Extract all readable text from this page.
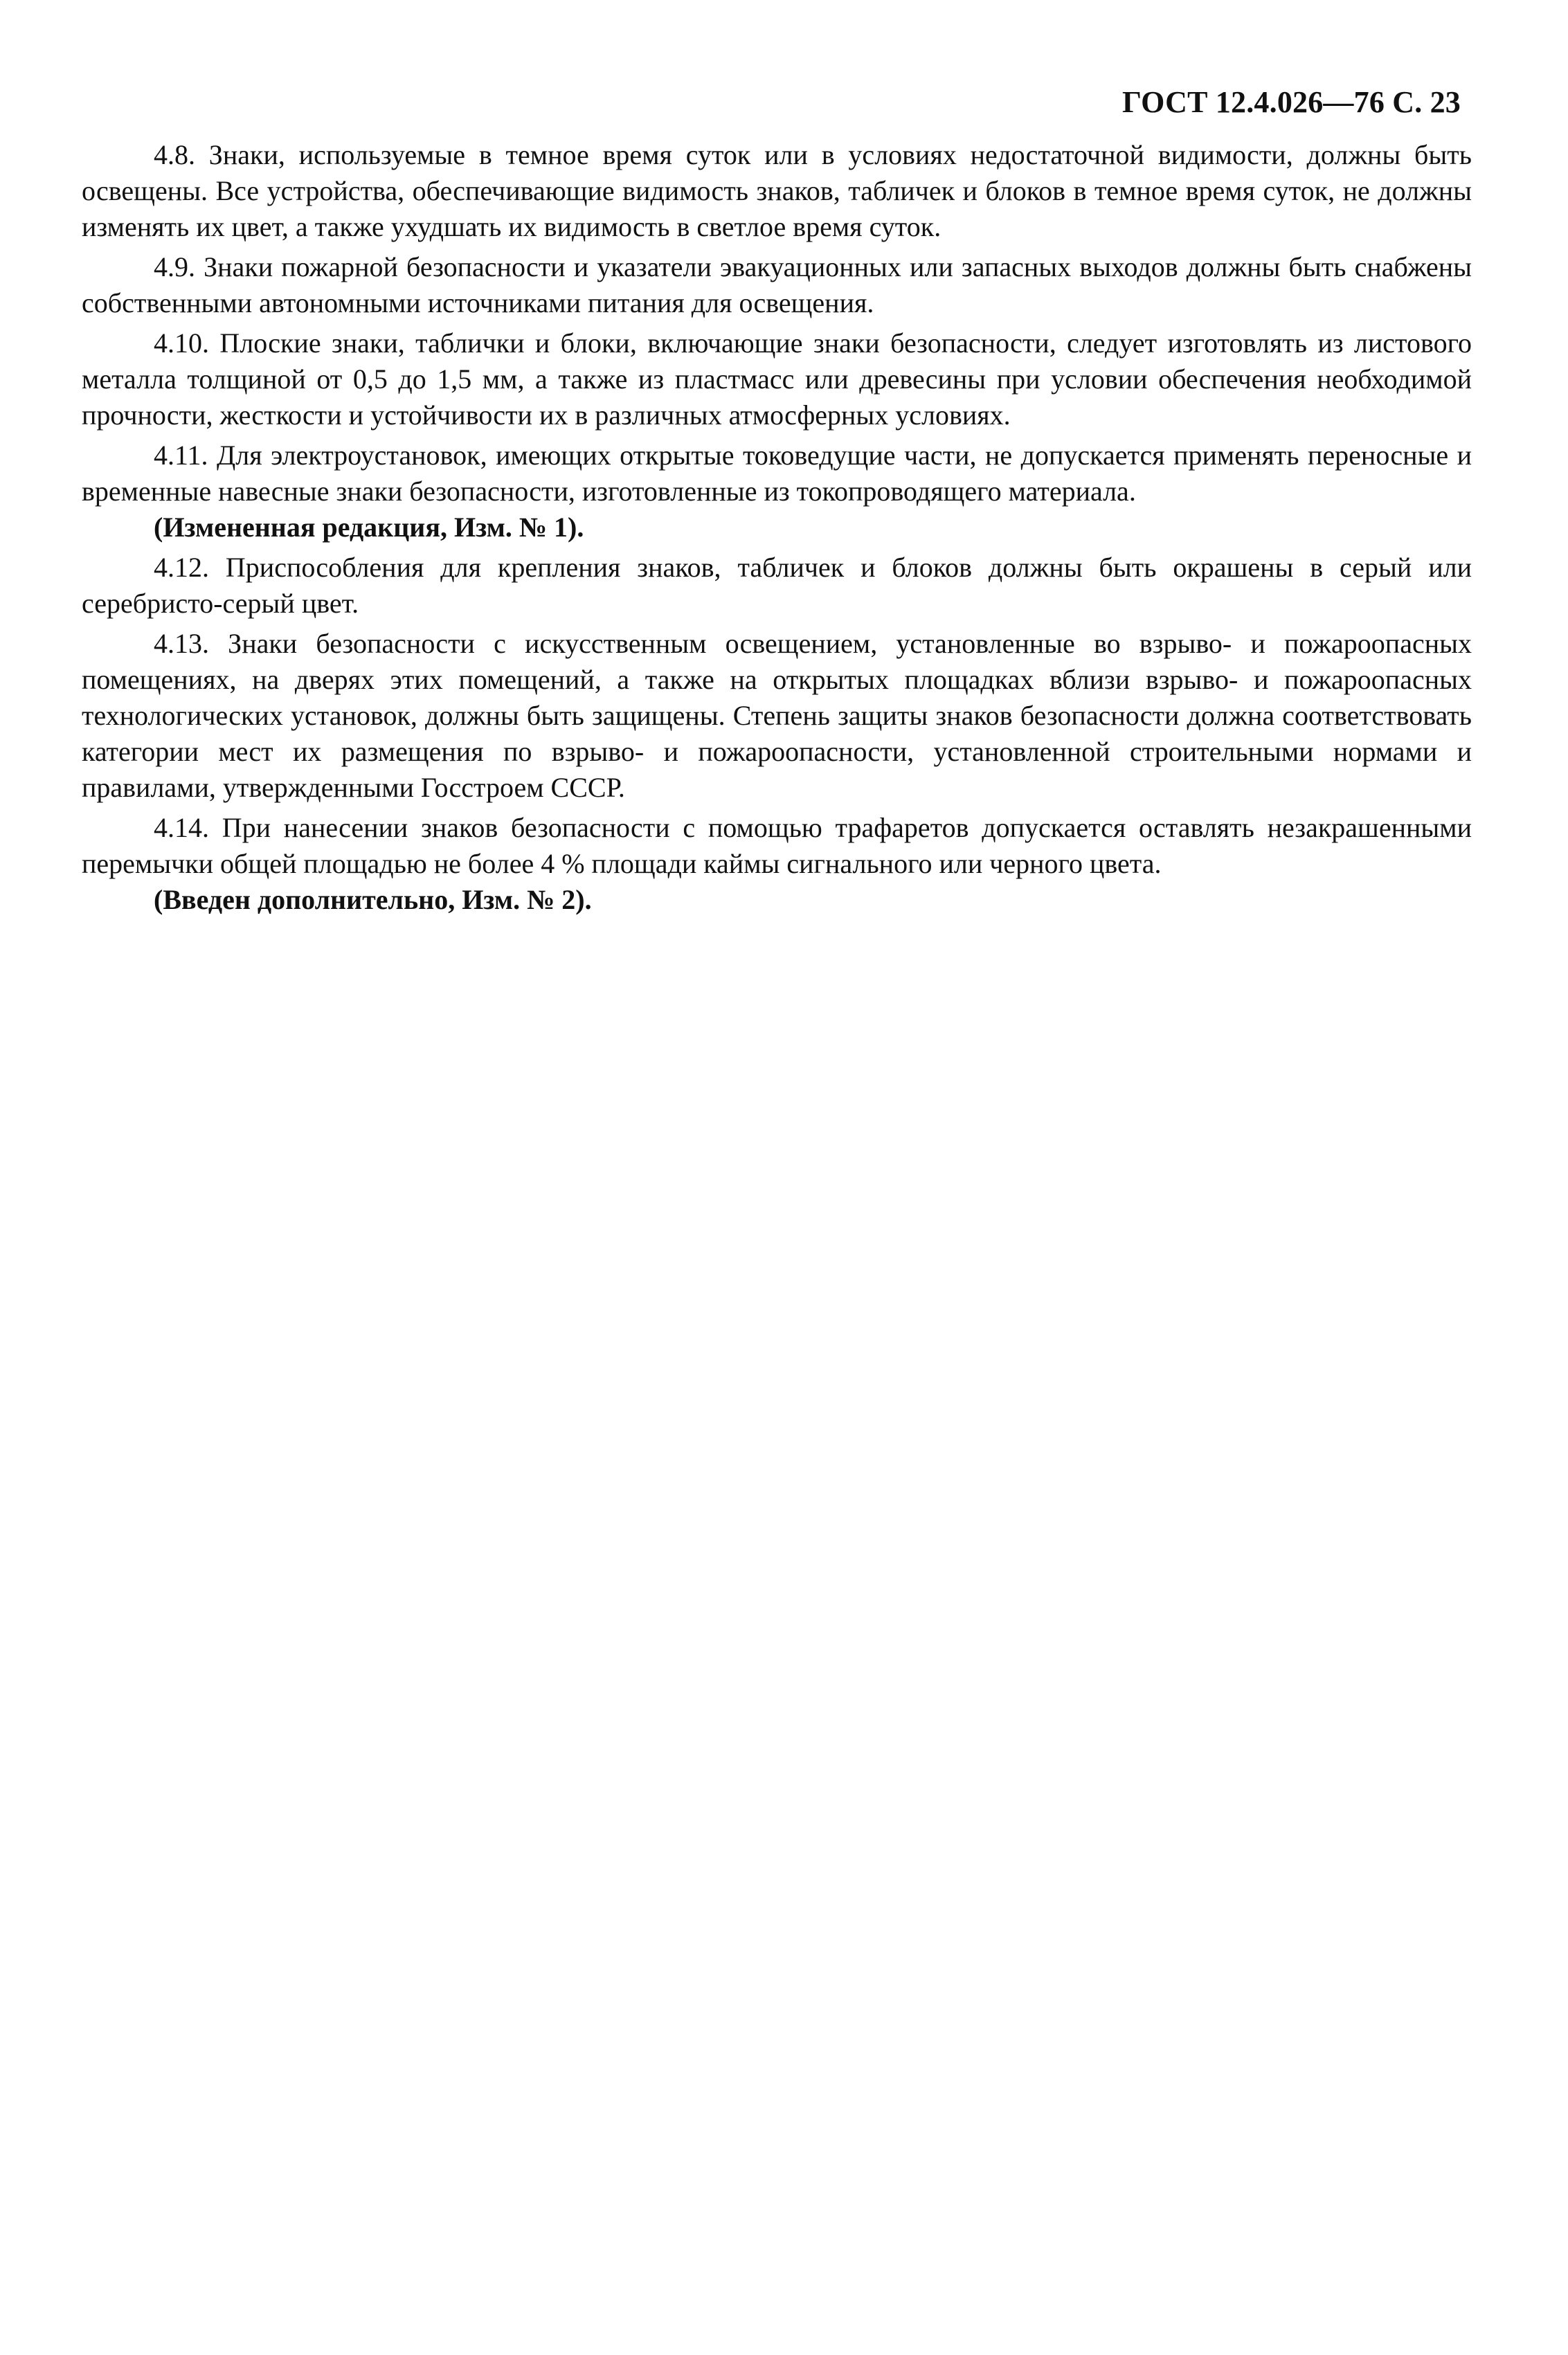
ГОСТ 12.4.026—76 С. 23

4.8. Знаки, используемые в темное время суток или в условиях недостаточной видимости, должны быть освещены. Все устройства, обеспечивающие видимость знаков, табличек и блоков в темное время суток, не должны изменять их цвет, а также ухудшать их видимость в светлое время суток.

4.9. Знаки пожарной безопасности и указатели эвакуационных или запасных выходов должны быть снабжены собственными автономными источниками питания для освещения.

4.10. Плоские знаки, таблички и блоки, включающие знаки безопасности, следует изготовлять из листового металла толщиной от 0,5 до 1,5 мм, а также из пластмасс или древесины при условии обеспечения необходимой прочности, жесткости и устойчивости их в различных атмосферных условиях.

4.11. Для электроустановок, имеющих открытые токоведущие части, не допускается применять переносные и временные навесные знаки безопасности, изготовленные из токопроводящего материала.

(Измененная редакция, Изм. № 1).

4.12. Приспособления для крепления знаков, табличек и блоков должны быть окрашены в серый или серебристо-серый цвет.

4.13. Знаки безопасности с искусственным освещением, установленные во взрыво- и пожароопасных помещениях, на дверях этих помещений, а также на открытых площадках вблизи взрыво- и пожароопасных технологических установок, должны быть защищены. Степень защиты знаков безопасности должна соответствовать категории мест их размещения по взрыво- и пожароопасности, установленной строительными нормами и правилами, утвержденными Госстроем СССР.

4.14. При нанесении знаков безопасности с помощью трафаретов допускается оставлять незакрашенными перемычки общей площадью не более 4 % площади каймы сигнального или черного цвета.

(Введен дополнительно, Изм. № 2).
